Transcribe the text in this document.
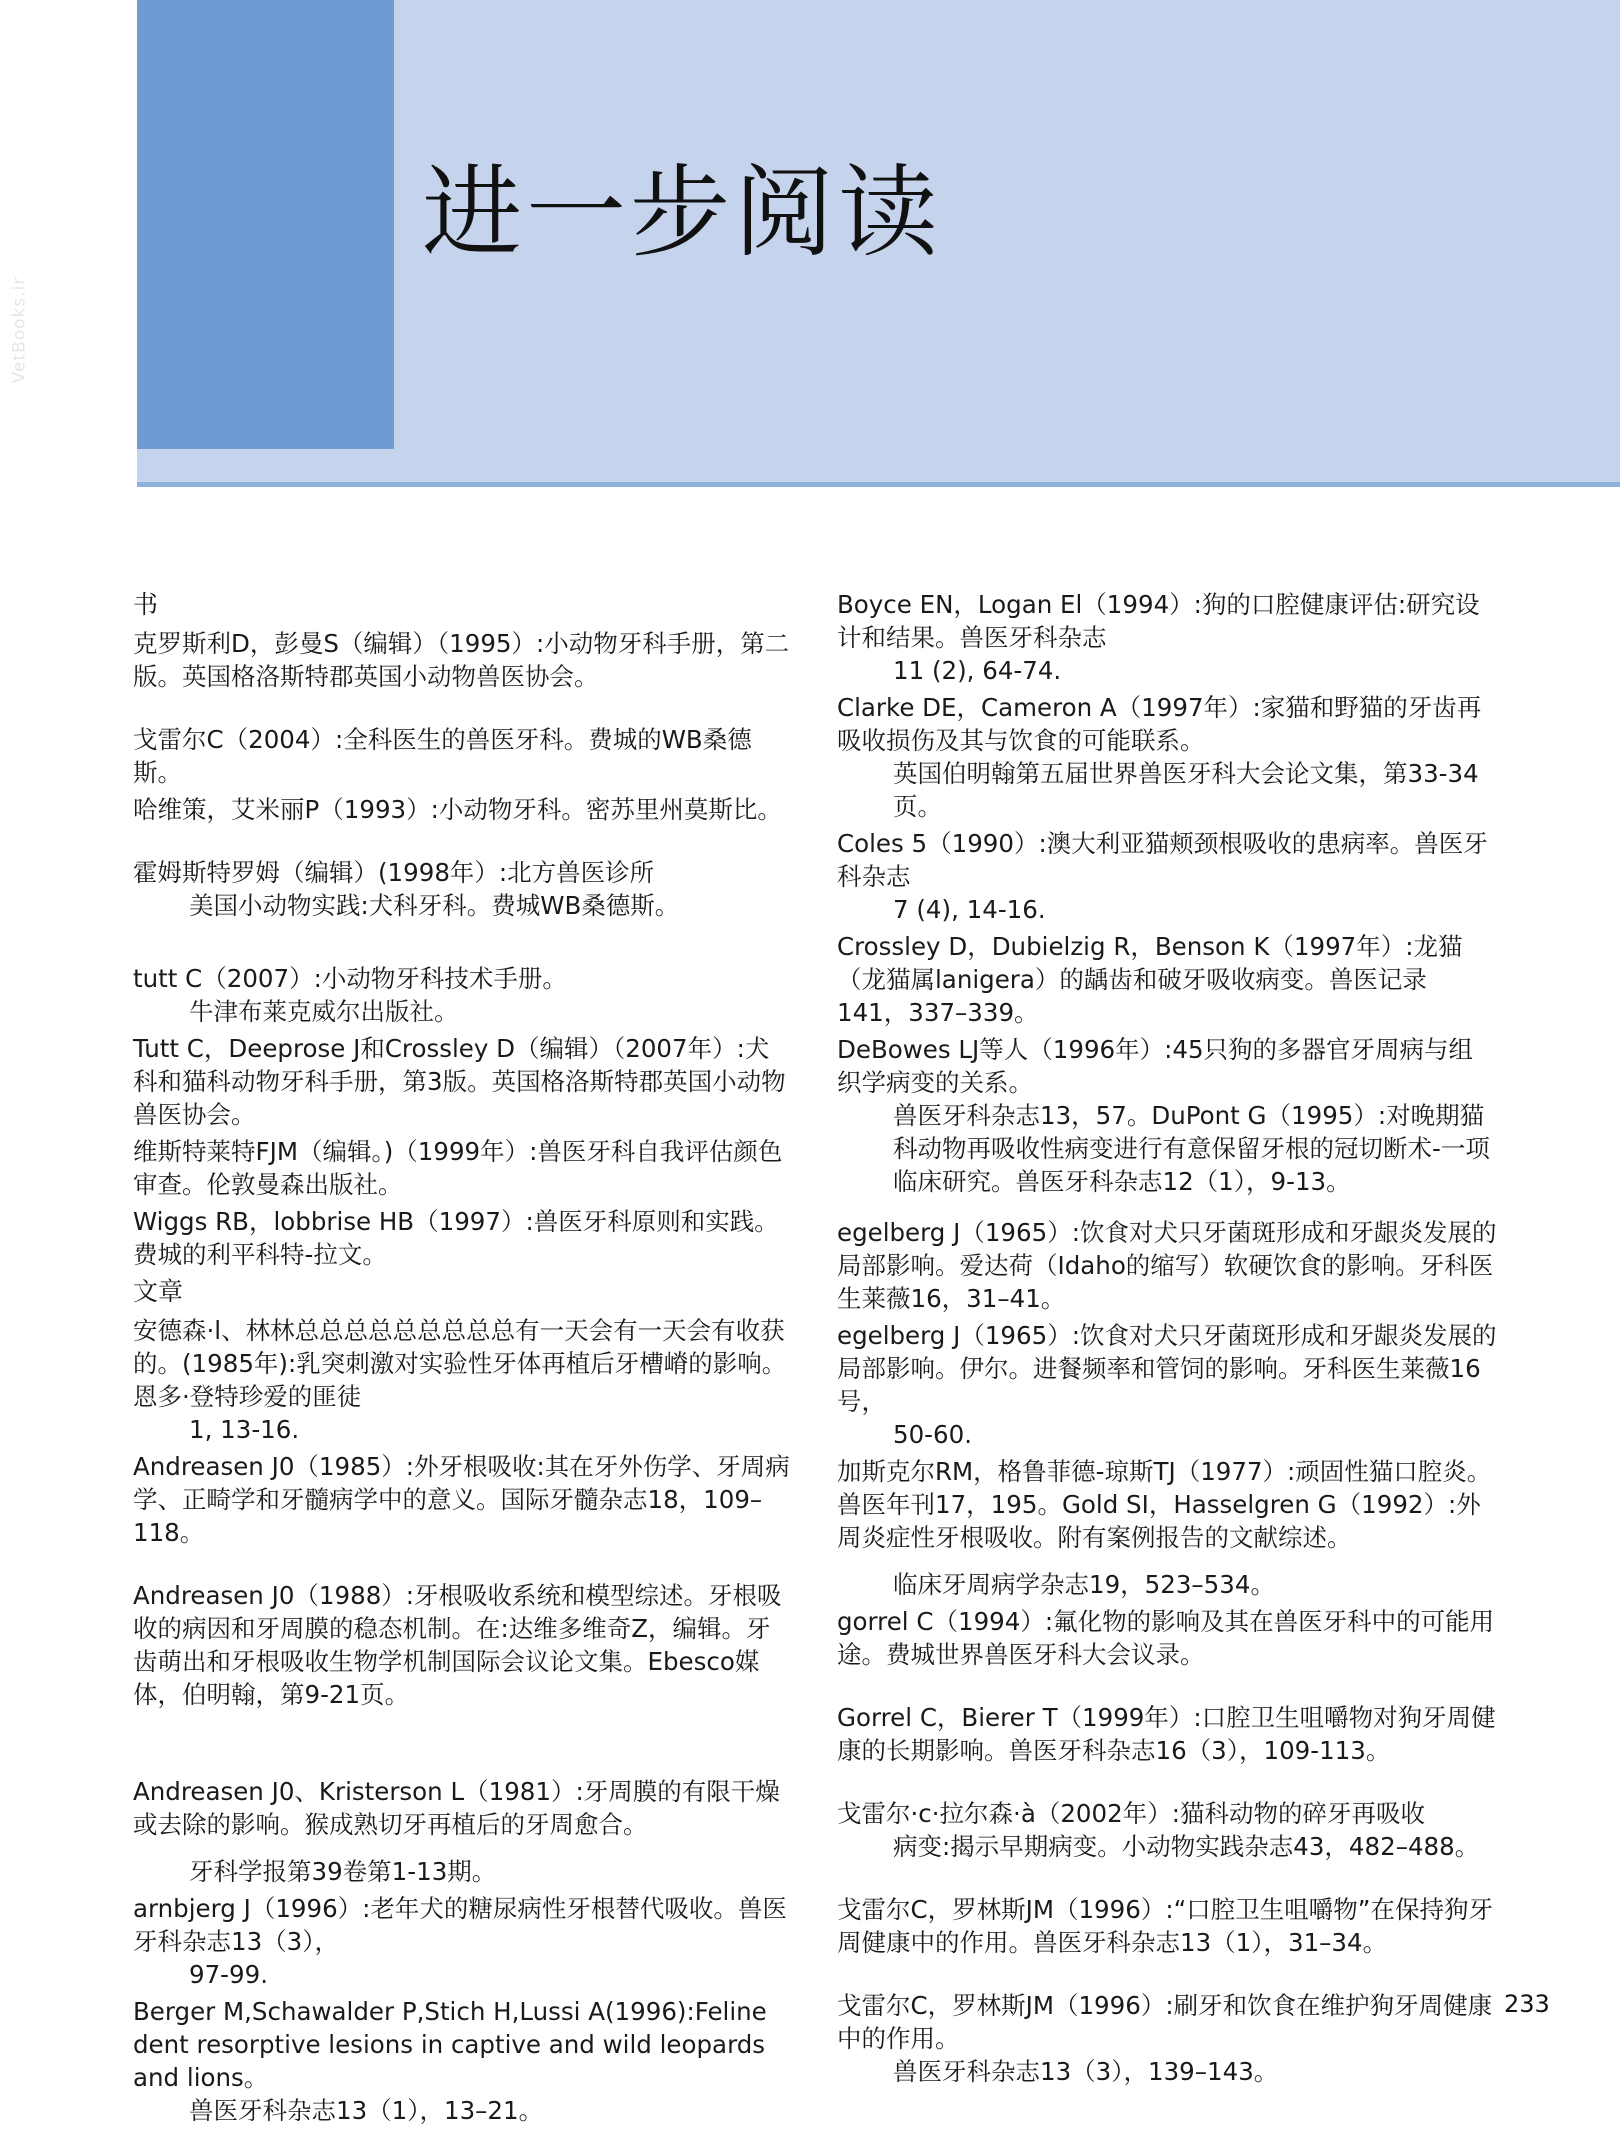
进一步阅读
VetBooks.ir
书
克罗斯利D，彭曼S（编辑）（1995）:小动物牙科手册，第二版。英国格洛斯特郡英国小动物兽医协会。
戈雷尔C（2004）:全科医生的兽医牙科。费城的WB桑德斯。
哈维策，艾米丽P（1993）:小动物牙科。密苏里州莫斯比。
霍姆斯特罗姆（编辑）(1998年）:北方兽医诊所
美国小动物实践:犬科牙科。费城WB桑德斯。
tutt C（2007）:小动物牙科技术手册。
牛津布莱克威尔出版社。
Tutt C，Deeprose J和Crossley D（编辑）（2007年）:犬科和猫科动物牙科手册，第3版。英国格洛斯特郡英国小动物兽医协会。
维斯特莱特FJM（编辑。)（1999年）:兽医牙科自我评估颜色审查。伦敦曼森出版社。
Wiggs RB，lobbrise HB（1997）:兽医牙科原则和实践。费城的利平科特-拉文。
文章
安德森·l、林林总总总总总总总总总有一天会有一天会有收获的。(1985年):乳突刺激对实验性牙体再植后牙槽嵴的影响。恩多·登特珍爱的匪徒
1, 13-16.
Andreasen J0（1985）:外牙根吸收:其在牙外伤学、牙周病学、正畸学和牙髓病学中的意义。国际牙髓杂志18，109–118。
Andreasen J0（1988）:牙根吸收系统和模型综述。牙根吸收的病因和牙周膜的稳态机制。在:达维多维奇Z，编辑。牙齿萌出和牙根吸收生物学机制国际会议论文集。Ebesco媒体，伯明翰，第9-21页。
Andreasen J0、Kristerson L（1981）:牙周膜的有限干燥或去除的影响。猴成熟切牙再植后的牙周愈合。
牙科学报第39卷第1-13期。
arnbjerg J（1996）:老年犬的糖尿病性牙根替代吸收。兽医牙科杂志13（3），
97-99.
Berger M,Schawalder P,Stich H,Lussi A(1996):Feline dent resorptive lesions in captive and wild leopards and lions。
兽医牙科杂志13（1），13–21。
Boyce EN，Logan El（1994）:狗的口腔健康评估:研究设计和结果。兽医牙科杂志
11 (2), 64-74.
Clarke DE，Cameron A（1997年）:家猫和野猫的牙齿再吸收损伤及其与饮食的可能联系。
英国伯明翰第五届世界兽医牙科大会论文集，第33-34页。
Coles 5（1990）:澳大利亚猫颊颈根吸收的患病率。兽医牙科杂志
7 (4), 14-16.
Crossley D，Dubielzig R，Benson K（1997年）:龙猫（龙猫属lanigera）的龋齿和破牙吸收病变。兽医记录141，337–339。
DeBowes LJ等人（1996年）:45只狗的多器官牙周病与组织学病变的关系。
兽医牙科杂志13，57。DuPont G（1995）:对晚期猫科动物再吸收性病变进行有意保留牙根的冠切断术-一项临床研究。兽医牙科杂志12（1），9-13。
egelberg J（1965）:饮食对犬只牙菌斑形成和牙龈炎发展的局部影响。爱达荷（Idaho的缩写）软硬饮食的影响。牙科医生莱薇16，31–41。
egelberg J（1965）:饮食对犬只牙菌斑形成和牙龈炎发展的局部影响。伊尔。进餐频率和管饲的影响。牙科医生莱薇16号，
50-60.
加斯克尔RM，格鲁菲德-琼斯TJ（1977）:顽固性猫口腔炎。兽医年刊17，195。Gold SI，Hasselgren G（1992）:外周炎症性牙根吸收。附有案例报告的文献综述。
临床牙周病学杂志19，523–534。
gorrel C（1994）:氟化物的影响及其在兽医牙科中的可能用途。费城世界兽医牙科大会议录。
Gorrel C，Bierer T（1999年）:口腔卫生咀嚼物对狗牙周健康的长期影响。兽医牙科杂志16（3），109-113。
戈雷尔·c·拉尔森·à（2002年）:猫科动物的碎牙再吸收
病变:揭示早期病变。小动物实践杂志43，482–488。
戈雷尔C，罗林斯JM（1996）:“口腔卫生咀嚼物”在保持狗牙周健康中的作用。兽医牙科杂志13（1），31–34。
戈雷尔C，罗林斯JM（1996）:刷牙和饮食在维护狗牙周健康中的作用。
兽医牙科杂志13（3），139–143。
233
